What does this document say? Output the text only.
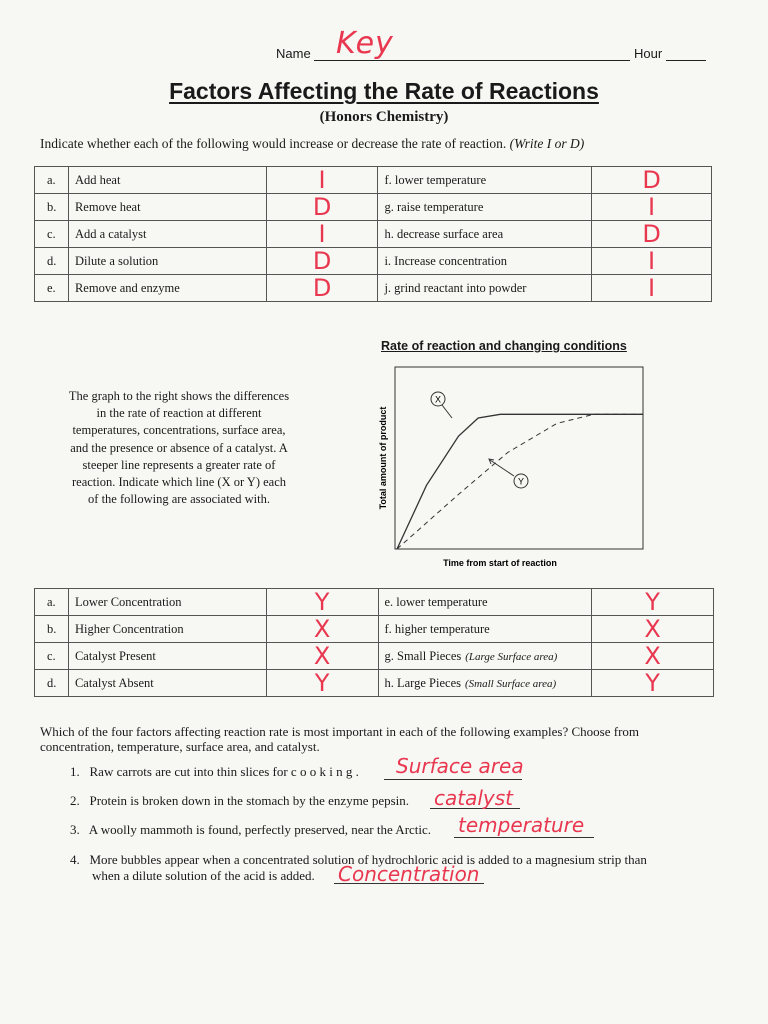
Name Key	Hour
Factors Affecting the Rate of Reactions
(Honors Chemistry)
Indicate whether each of the following would increase or decrease the rate of reaction. (Write I or D)
a.	Add heat	I	f. lower temperature	D
b.	Remove heat	D	g. raise temperature	I
c.	Add a catalyst	I	h. decrease surface area	D
d.	Dilute a solution	D	i. Increase concentration	I
e.	Remove and enzyme	D	j. grind reactant into powder	I
Rate of reaction and changing conditions
The graph to the right shows the differences in the rate of reaction at different temperatures, concentrations, surface area, and the presence or absence of a catalyst. A steeper line represents a greater rate of reaction. Indicate which line (X or Y) each of the following are associated with.	Total amount of product
Time from start of reaction
X
Y
a.	Lower Concentration	Y	e. lower temperature	Y
b.	Higher Concentration	X	f. higher temperature	X
c.	Catalyst Present	X	g. Small Pieces (Large Surface area)	X
d.	Catalyst Absent	Y	h. Large Pieces (Small Surface area)	Y
Which of the four factors affecting reaction rate is most important in each of the following examples? Choose from concentration, temperature, surface area, and catalyst.
1. Raw carrots are cut into thin slices for c o o k i n g . Surface area
2. Protein is broken down in the stomach by the enzyme pepsin. catalyst
3. A woolly mammoth is found, perfectly preserved, near the Arctic. temperature
4. More bubbles appear when a concentrated solution of hydrochloric acid is added to a magnesium strip than
when a dilute solution of the acid is added. Concentration
